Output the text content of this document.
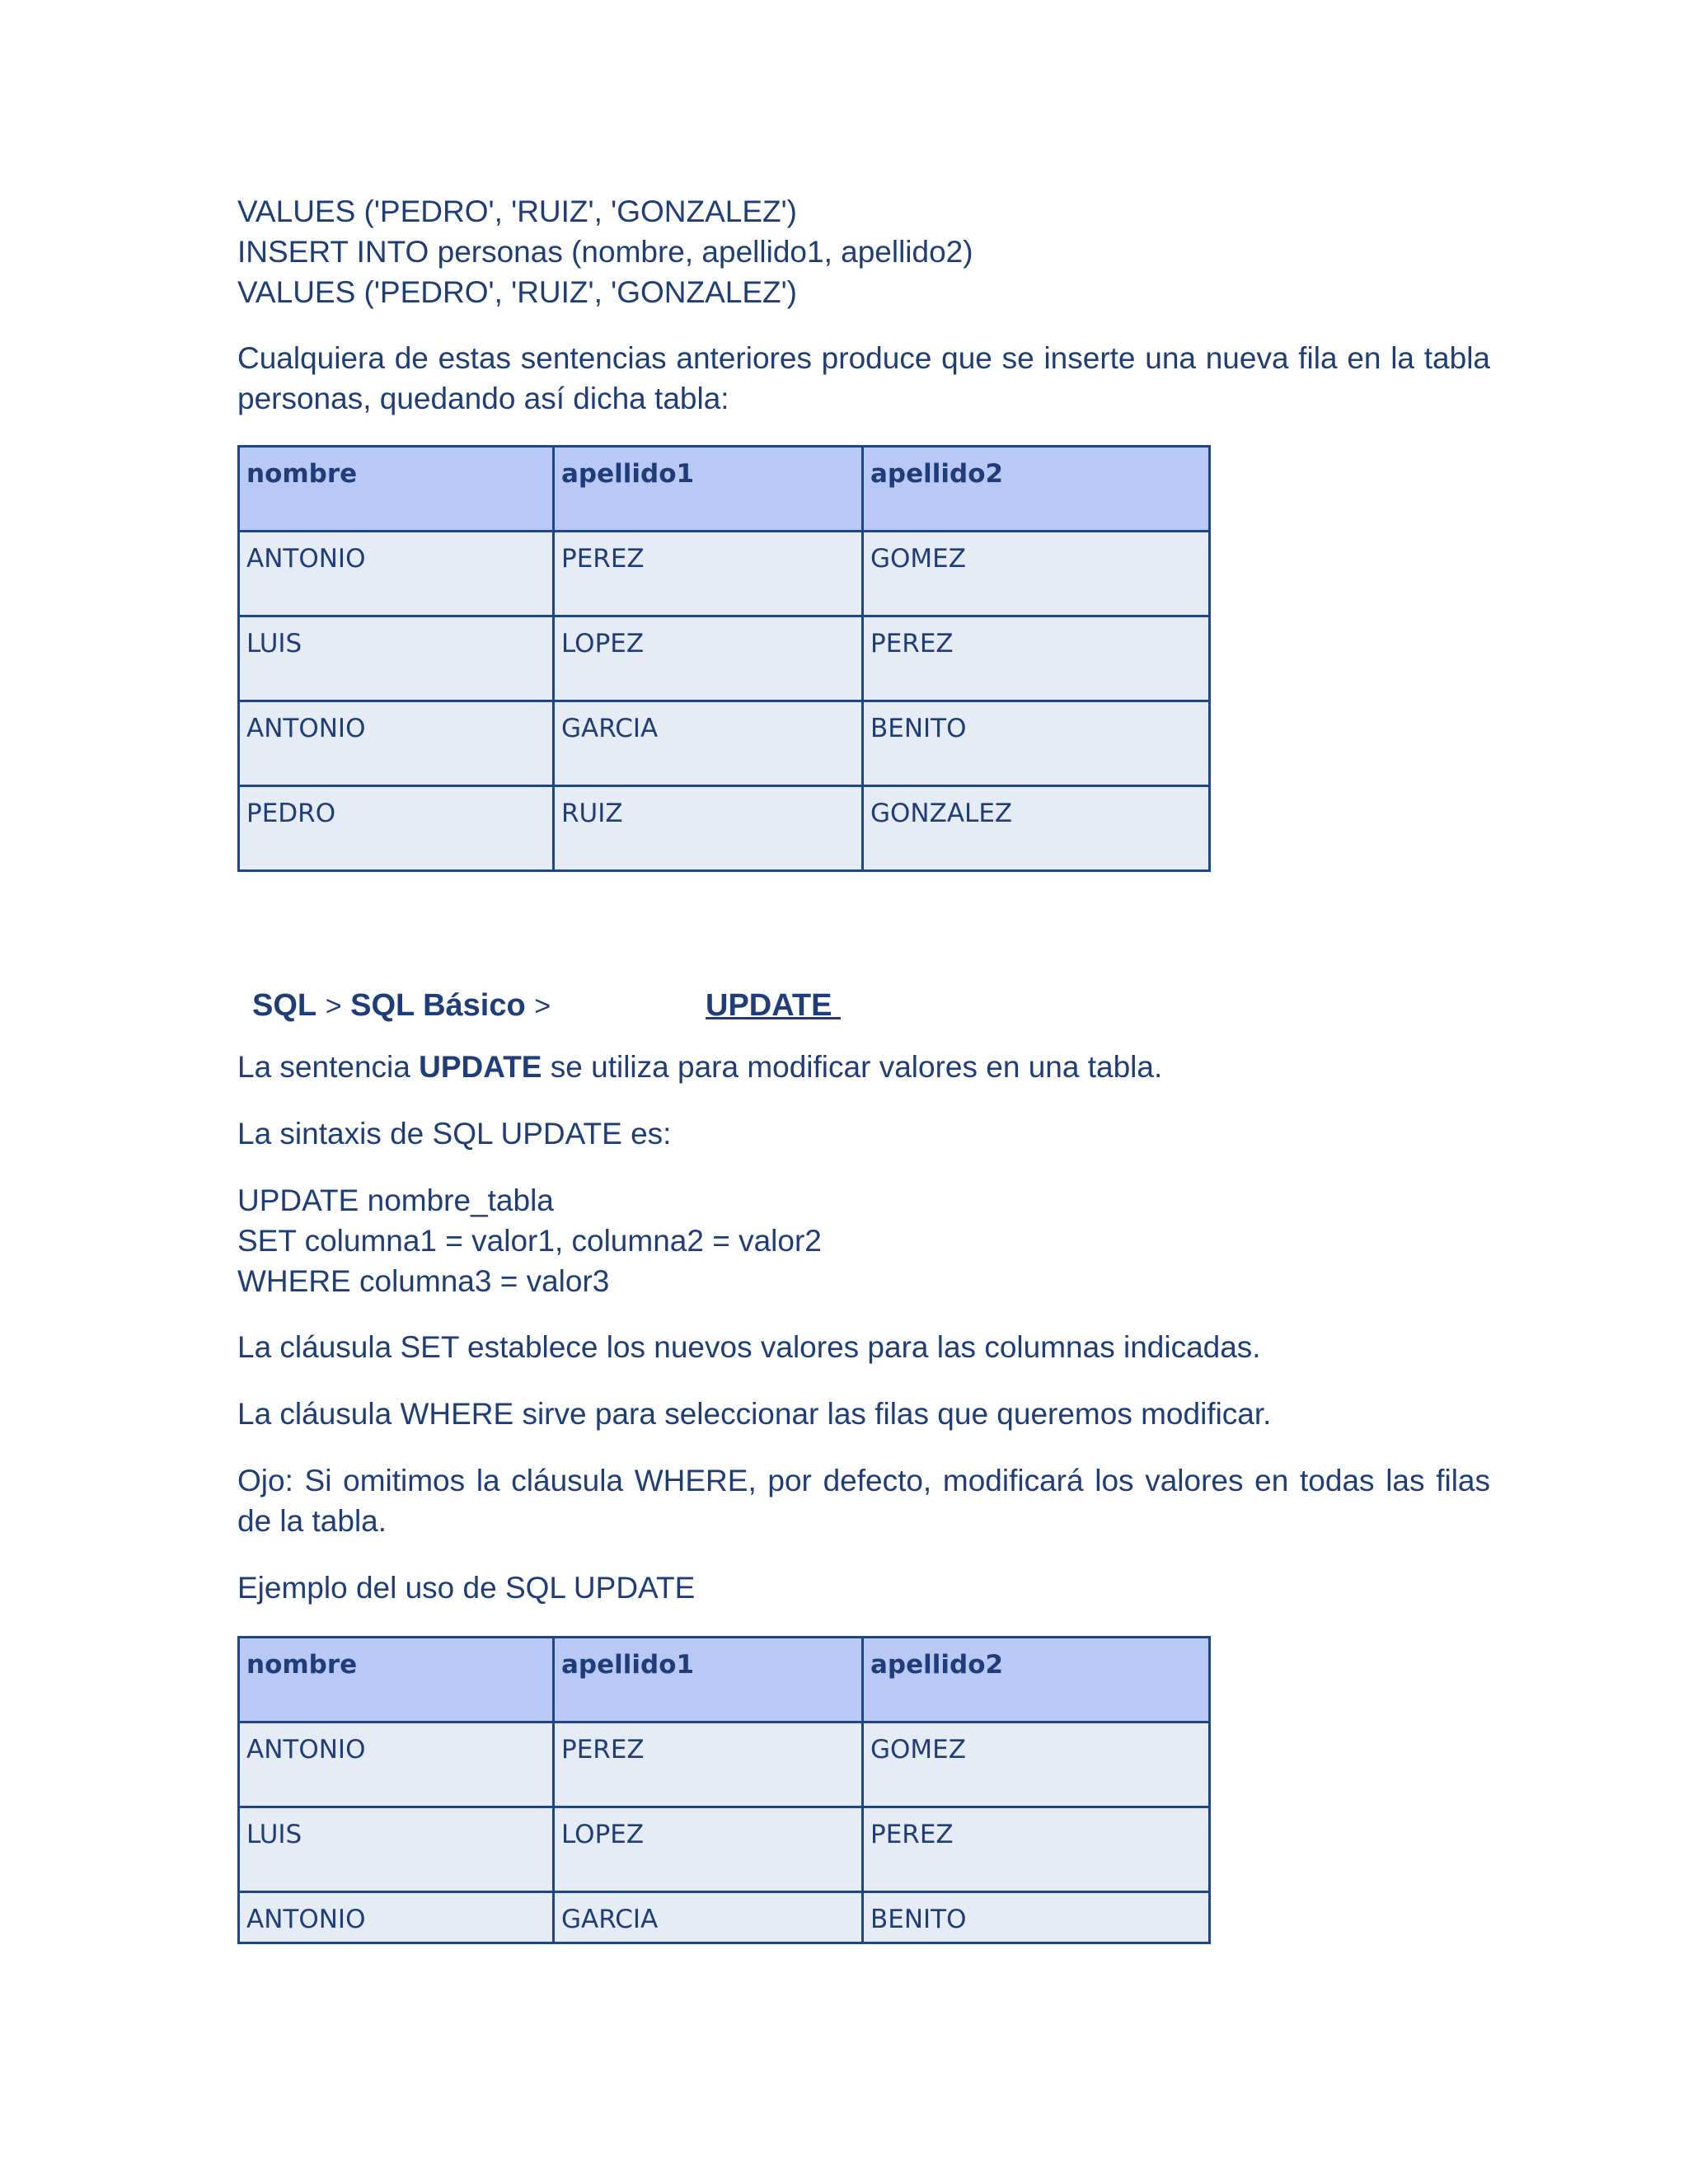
VALUES ('PEDRO', 'RUIZ', 'GONZALEZ')
INSERT INTO personas (nombre, apellido1, apellido2)
VALUES ('PEDRO', 'RUIZ', 'GONZALEZ')
Cualquiera de estas sentencias anteriores produce que se inserte una nueva fila en la tabla personas, quedando así dicha tabla:
nombre	apellido1	apellido2
ANTONIO	PEREZ	GOMEZ
LUIS	LOPEZ	PEREZ
ANTONIO	GARCIA	BENITO
PEDRO	RUIZ	GONZALEZ
SQL > SQL Básico >	UPDATE
La sentencia UPDATE se utiliza para modificar valores en una tabla.
La sintaxis de SQL UPDATE es:
UPDATE nombre_tabla
SET columna1 = valor1, columna2 = valor2
WHERE columna3 = valor3
La cláusula SET establece los nuevos valores para las columnas indicadas.
La cláusula WHERE sirve para seleccionar las filas que queremos modificar.
Ojo: Si omitimos la cláusula WHERE, por defecto, modificará los valores en todas las filas de la tabla.
Ejemplo del uso de SQL UPDATE
nombre	apellido1	apellido2
ANTONIO	PEREZ	GOMEZ
LUIS	LOPEZ	PEREZ
ANTONIO	GARCIA	BENITO
